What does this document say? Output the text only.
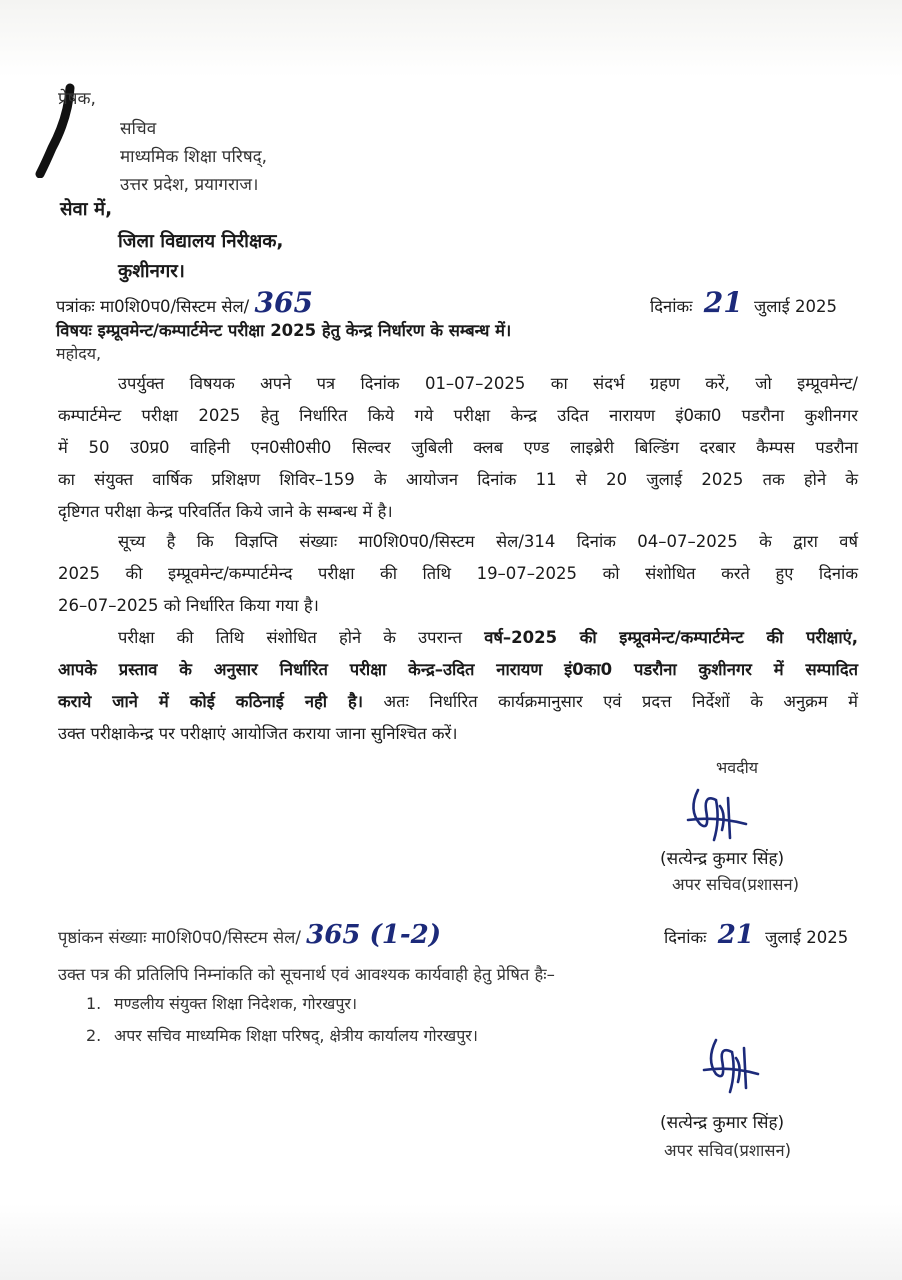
प्रेषक,
सचिव
माध्यमिक शिक्षा परिषद्,
उत्तर प्रदेश, प्रयागराज।
सेवा में,
जिला विद्यालय निरीक्षक,
कुशीनगर।
पत्रांकः मा0शि0प0/सिस्टम सेल/ 365	दिनांकः 21 जुलाई 2025
विषयः इम्प्रूवमेन्ट/कम्पार्टमेन्ट परीक्षा 2025 हेतु केन्द्र निर्धारण के सम्बन्ध में।
महोदय,
उपर्युक्त विषयक अपने पत्र दिनांक 01–07–2025 का संदर्भ ग्रहण करें, जो इम्प्रूवमेन्ट/
कम्पार्टमेन्ट परीक्षा 2025 हेतु निर्धारित किये गये परीक्षा केन्द्र उदित नारायण इं0का0 पडरौना कुशीनगर
में 50 उ0प्र0 वाहिनी एन0सी0सी0 सिल्वर जुबिली क्लब एण्ड लाइब्रेरी बिल्डिंग दरबार कैम्पस पडरौना
का संयुक्त वार्षिक प्रशिक्षण शिविर–159 के आयोजन दिनांक 11 से 20 जुलाई 2025 तक होने के
दृष्टिगत परीक्षा केन्द्र परिवर्तित किये जाने के सम्बन्ध में है।
सूच्य है कि विज्ञप्ति संख्याः मा0शि0प0/सिस्टम सेल/314 दिनांक 04–07–2025 के द्वारा वर्ष
2025 की इम्प्रूवमेन्ट/कम्पार्टमेन्द परीक्षा की तिथि 19–07–2025 को संशोधित करते हुए दिनांक
26–07–2025 को निर्धारित किया गया है।
परीक्षा की तिथि संशोधित होने के उपरान्त वर्ष–2025 की इम्प्रूवमेन्ट/कम्पार्टमेन्ट की परीक्षाएं,
आपके प्रस्ताव के अनुसार निर्धारित परीक्षा केन्द्र–उदित नारायण इं0का0 पडरौना कुशीनगर में सम्पादित
कराये जाने में कोई कठिनाई नही है। अतः निर्धारित कार्यक्रमानुसार एवं प्रदत्त निर्देशों के अनुक्रम में
उक्त परीक्षाकेन्द्र पर परीक्षाएं आयोजित कराया जाना सुनिश्चित करें।
भवदीय
(सत्येन्द्र कुमार सिंह)
अपर सचिव(प्रशासन)
पृष्ठांकन संख्याः मा0शि0प0/सिस्टम सेल/ 365 (1-2)	दिनांकः 21 जुलाई 2025
उक्त पत्र की प्रतिलिपि निम्नांकति को सूचनार्थ एवं आवश्यक कार्यवाही हेतु प्रेषित हैः–
1. मण्डलीय संयुक्त शिक्षा निदेशक, गोरखपुर।
2. अपर सचिव माध्यमिक शिक्षा परिषद्, क्षेत्रीय कार्यालय गोरखपुर।
(सत्येन्द्र कुमार सिंह)
अपर सचिव(प्रशासन)
